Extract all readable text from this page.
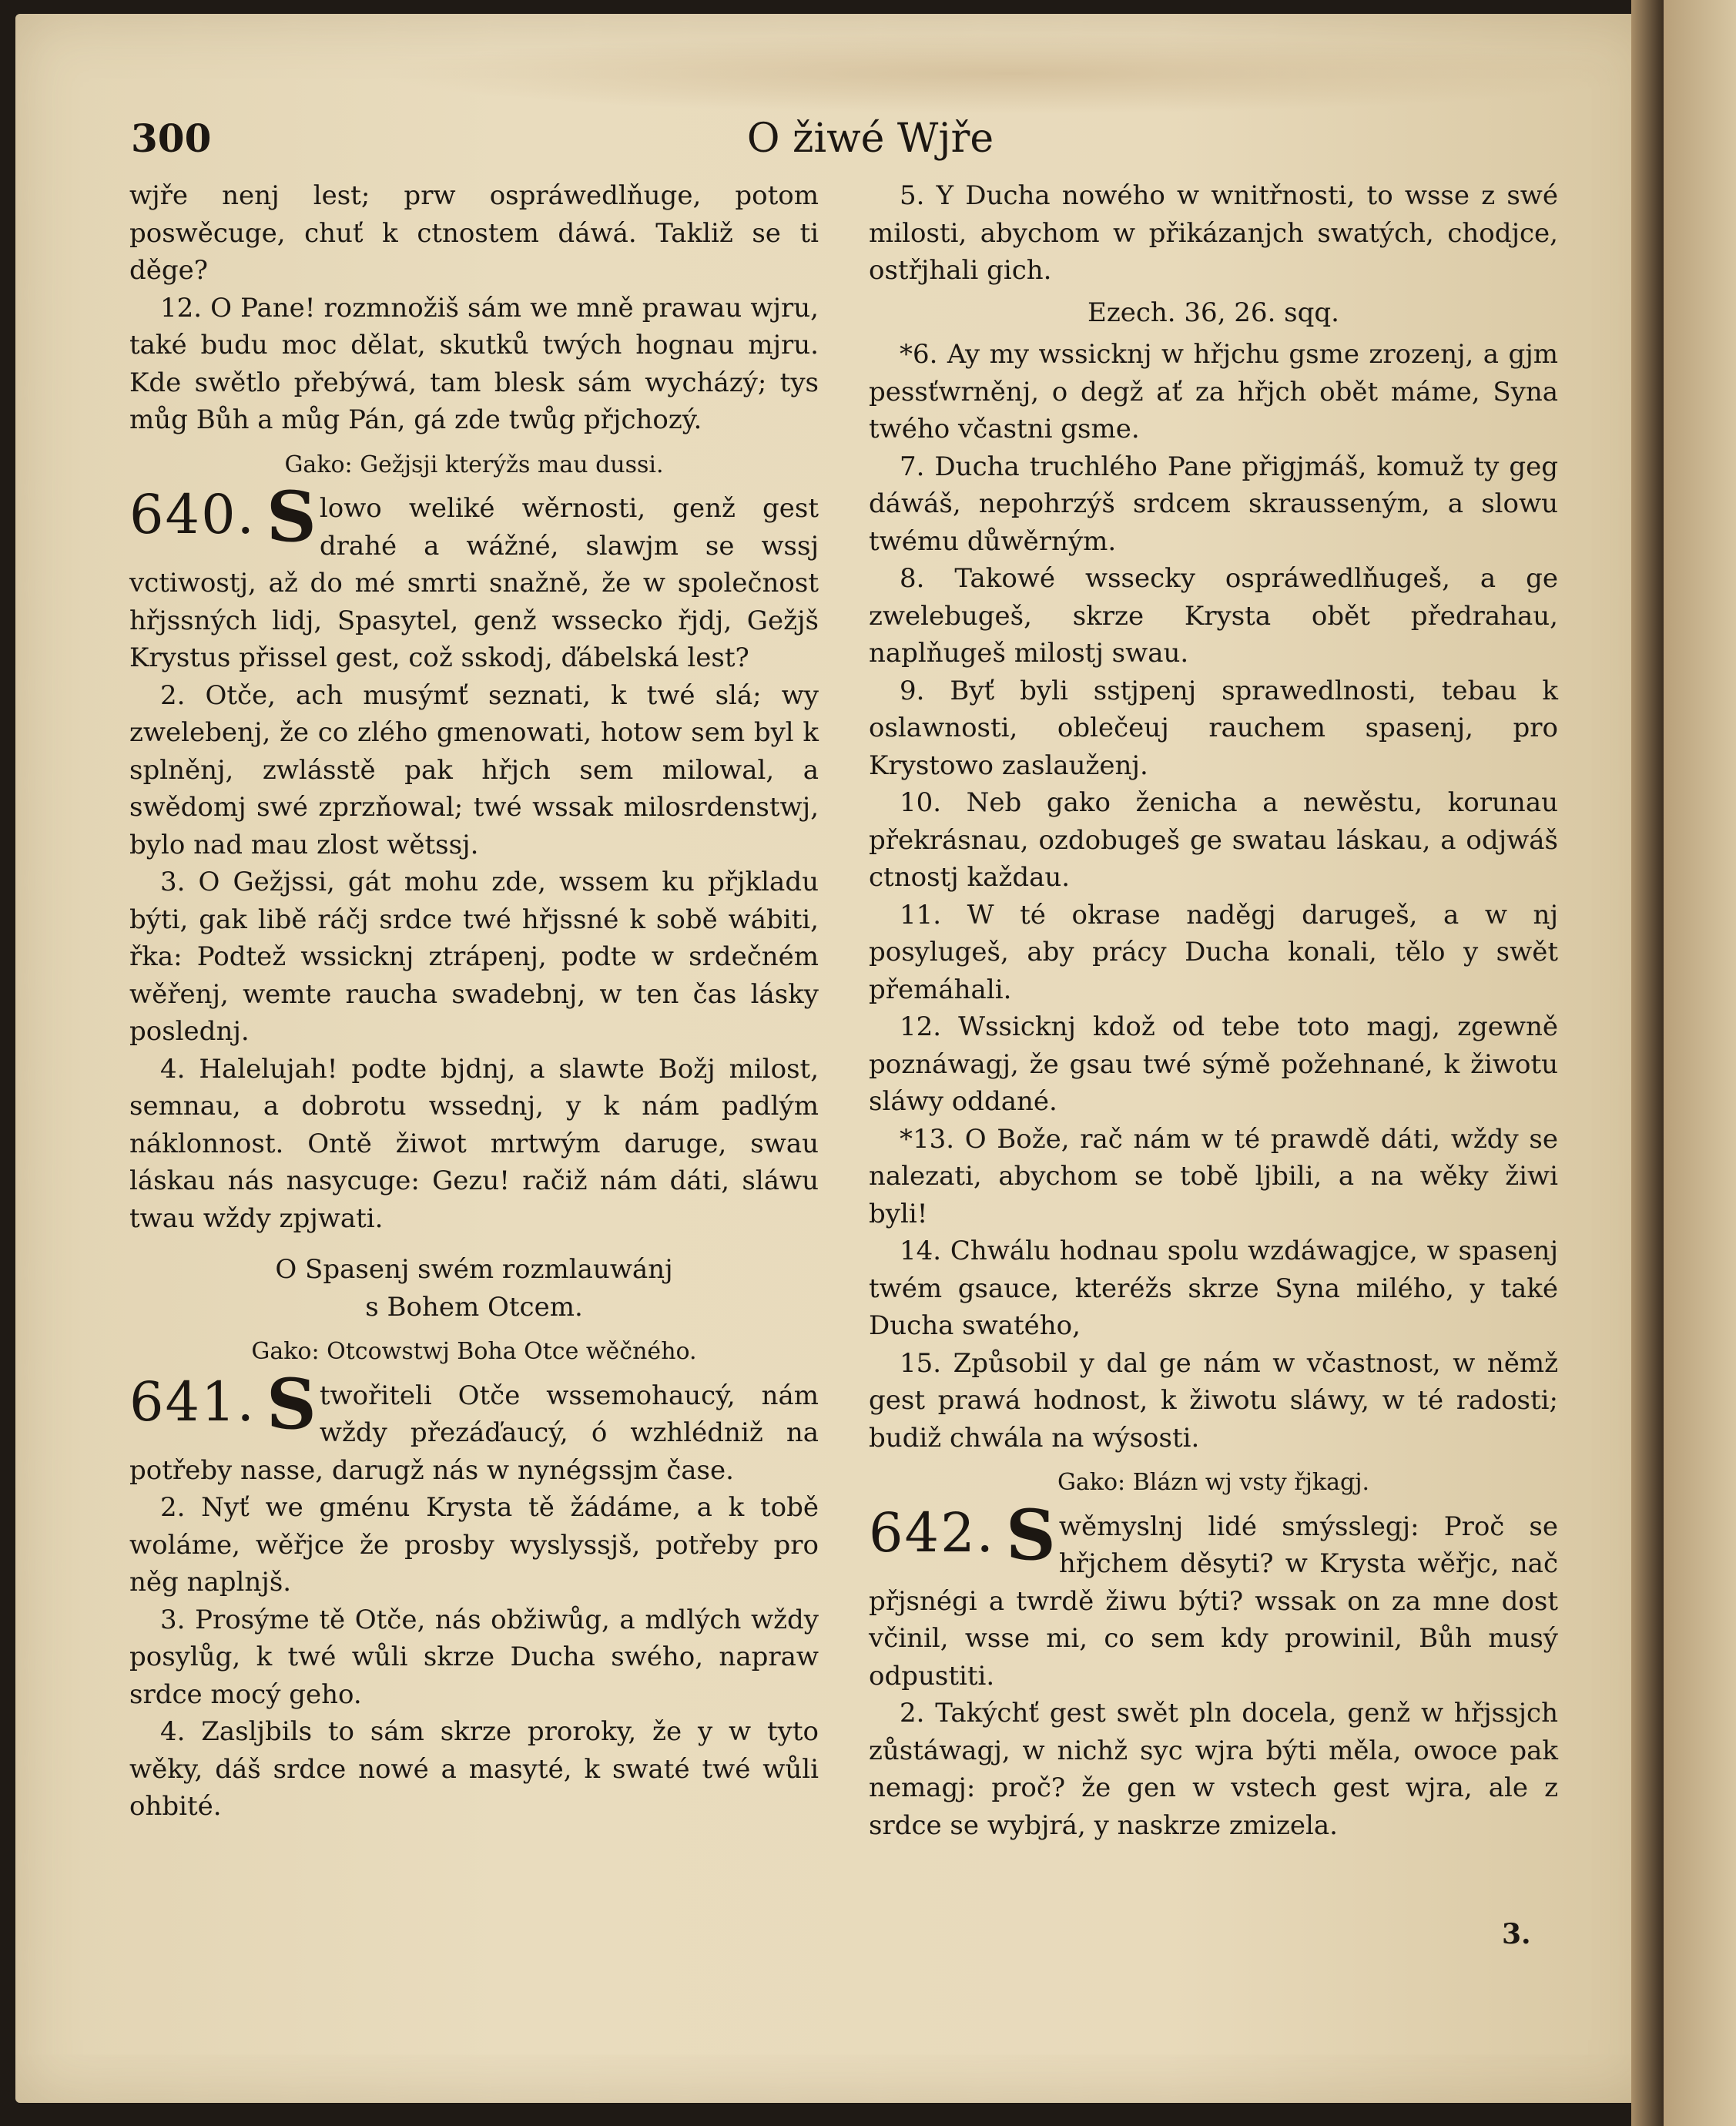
300	O žiwé Wjře

wjře nenj lest; prw ospráwedlňuge, potom poswěcuge, chuť k ctnostem dáwá. Takliž se ti děge?

12. O Pane! rozmnožiš sám we mně prawau wjru, také budu moc dělat, skutků twých hognau mjru. Kde swětlo přebýwá, tam blesk sám wycházý; tys můg Bůh a můg Pán, gá zde twůg přjchozý.

Gako: Gežjsji kterýžs mau dussi.

640. S lowo weliké wěrnosti, genž gest drahé a wážné, slawjm se wssj vctiwostj, až do mé smrti snažně, že w společnost hřjssných lidj, Spasytel, genž wssecko řjdj, Gežjš Krystus přissel gest, což sskodj, ďábelská lest?

2. Otče, ach musýmť seznati, k twé slá; wy zwelebenj, že co zlého gmenowati, hotow sem byl k splněnj, zwlásstě pak hřjch sem milowal, a swědomj swé zprzňowal; twé wssak milosrdenstwj, bylo nad mau zlost wětssj.

3. O Gežjssi, gát mohu zde, wssem ku přjkladu býti, gak libě ráčj srdce twé hřjssné k sobě wábiti, řka: Podtež wssicknj ztrápenj, podte w srdečném wěřenj, wemte raucha swadebnj, w ten čas lásky poslednj.

4. Halelujah! podte bjdnj, a slawte Božj milost, semnau, a dobrotu wssednj, y k nám padlým náklonnost. Ontě žiwot mrtwým daruge, swau láskau nás nasycuge: Gezu! račiž nám dáti, sláwu twau wždy zpjwati.

O Spasenj swém rozmlauwánj
s Bohem Otcem.
Gako: Otcowstwj Boha Otce wěčného.

641. S twořiteli Otče wssemohaucý, nám wždy přezáďaucý, ó wzhlédniž na potřeby nasse, darugž nás w nynégssjm čase.

2. Nyť we gménu Krysta tě žádáme, a k tobě woláme, wěřjce že prosby wyslyssjš, potřeby pro něg naplnjš.

3. Prosýme tě Otče, nás obžiwůg, a mdlých wždy posylůg, k twé wůli skrze Ducha swého, napraw srdce mocý geho.

4. Zasljbils to sám skrze proroky, že y w tyto wěky, dáš srdce nowé a masyté, k swaté twé wůli ohbité.

5. Y Ducha nowého w wnitřnosti, to wsse z swé milosti, abychom w přikázanjch swatých, chodjce, ostřjhali gich.

Ezech. 36, 26. sqq.

*6. Ay my wssicknj w hřjchu gsme zrozenj, a gjm pessťwrněnj, o degž ať za hřjch obět máme, Syna twého včastni gsme.

7. Ducha truchlého Pane přigjmáš, komuž ty geg dáwáš, nepohrzýš srdcem skrausseným, a slowu twému důwěrným.

8. Takowé wssecky ospráwedlňugeš, a ge zwelebugeš, skrze Krysta obět předrahau, naplňugeš milostj swau.

9. Byť byli sstjpenj sprawedlnosti, tebau k oslawnosti, oblečeuj rauchem spasenj, pro Krystowo zaslauženj.

10. Neb gako ženicha a newěstu, korunau překrásnau, ozdobugeš ge swatau láskau, a odjwáš ctnostj každau.

11. W té okrase naděgj darugeš, a w nj posylugeš, aby prácy Ducha konali, tělo y swět přemáhali.

12. Wssicknj kdož od tebe toto magj, zgewně poznáwagj, že gsau twé sýmě požehnané, k žiwotu sláwy oddané.

*13. O Bože, rač nám w té prawdě dáti, wždy se nalezati, abychom se tobě ljbili, a na wěky žiwi byli!

14. Chwálu hodnau spolu wzdáwagjce, w spasenj twém gsauce, kteréžs skrze Syna milého, y také Ducha swatého,

15. Způsobil y dal ge nám w včastnost, w němž gest prawá hodnost, k žiwotu sláwy, w té radosti; budiž chwála na wýsosti.

Gako: Blázn wj vsty řjkagj.

642. S wěmyslnj lidé smýsslegj: Proč se hřjchem děsyti? w Krysta wěřjc, nač přjsnégi a twrdě žiwu býti? wssak on za mne dost včinil, wsse mi, co sem kdy prowinil, Bůh musý odpustiti.

2. Takýchť gest swět pln docela, genž w hřjssjch zůstáwagj, w nichž syc wjra býti měla, owoce pak nemagj: proč? že gen w vstech gest wjra, ale z srdce se wybjrá, y naskrze zmizela.

3.
